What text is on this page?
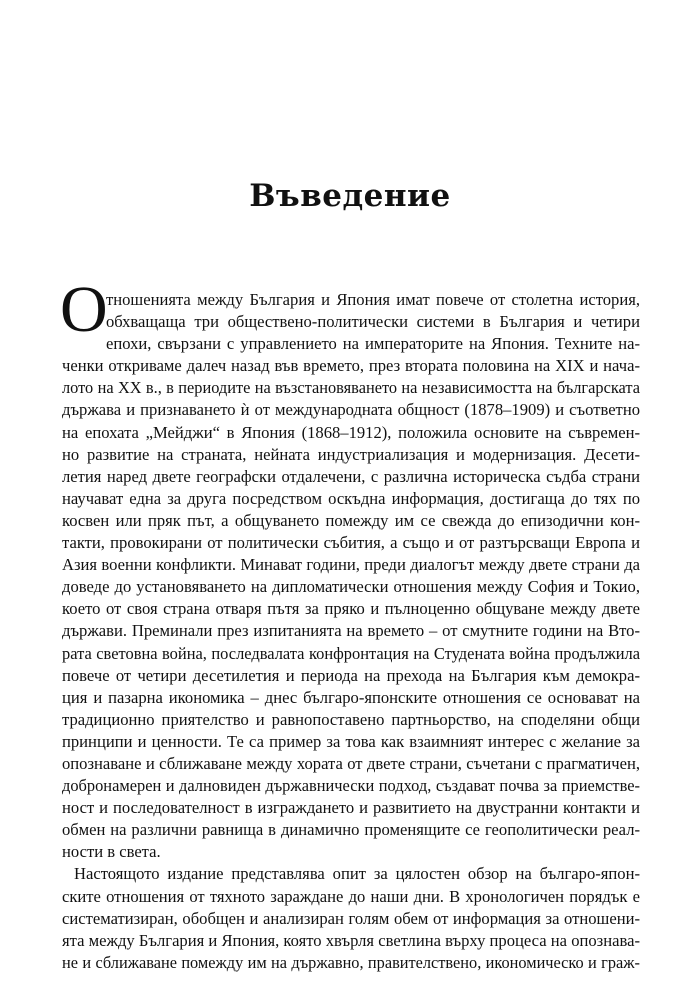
Въведение
О
тношенията между България и Япония имат повече от столетна история,
обхващаща три обществено-политически системи в България и четири
епохи, свързани с управлението на императорите на Япония. Техните на-
ченки откриваме далеч назад във времето, през втората половина на XIX и нача-
лото на XX в., в периодите на възстановяването на независимостта на българската
държава и признаването ѝ от международната общност (1878–1909) и съответно
на епохата „Мейджи“ в Япония (1868–1912), положила основите на съвремен-
но развитие на страната, нейната индустриализация и модернизация. Десети-
летия наред двете географски отдалечени, с различна историческа съдба страни
научават една за друга посредством оскъдна информация, достигаща до тях по
косвен или пряк път, а общуването помежду им се свежда до епизодични кон-
такти, провокирани от политически събития, а също и от разтърсващи Европа и
Азия военни конфликти. Минават години, преди диалогът между двете страни да
доведе до установяването на дипломатически отношения между София и Токио,
което от своя страна отваря пътя за пряко и пълноценно общуване между двете
държави. Преминали през изпитанията на времето – от смутните години на Вто-
рата световна война, последвалата конфронтация на Студената война продължила
повече от четири десетилетия и периода на прехода на България към демокра-
ция и пазарна икономика – днес българо-японските отношения се основават на
традиционно приятелство и равнопоставено партньорство, на споделяни общи
принципи и ценности. Те са пример за това как взаимният интерес с желание за
опознаване и сближаване между хората от двете страни, съчетани с прагматичен,
добронамерен и далновиден държавнически подход, създават почва за приемстве-
ност и последователност в изграждането и развитието на двустранни контакти и
обмен на различни равнища в динамично променящите се геополитически реал-
ности в света.
Настоящото издание представлява опит за цялостен обзор на българо-япон-
ските отношения от тяхното зараждане до наши дни. В хронологичен порядък е
систематизиран, обобщен и анализиран голям обем от информация за отношени-
ята между България и Япония, която хвърля светлина върху процеса на опознава-
не и сближаване помежду им на държавно, правителствено, икономическо и граж-
